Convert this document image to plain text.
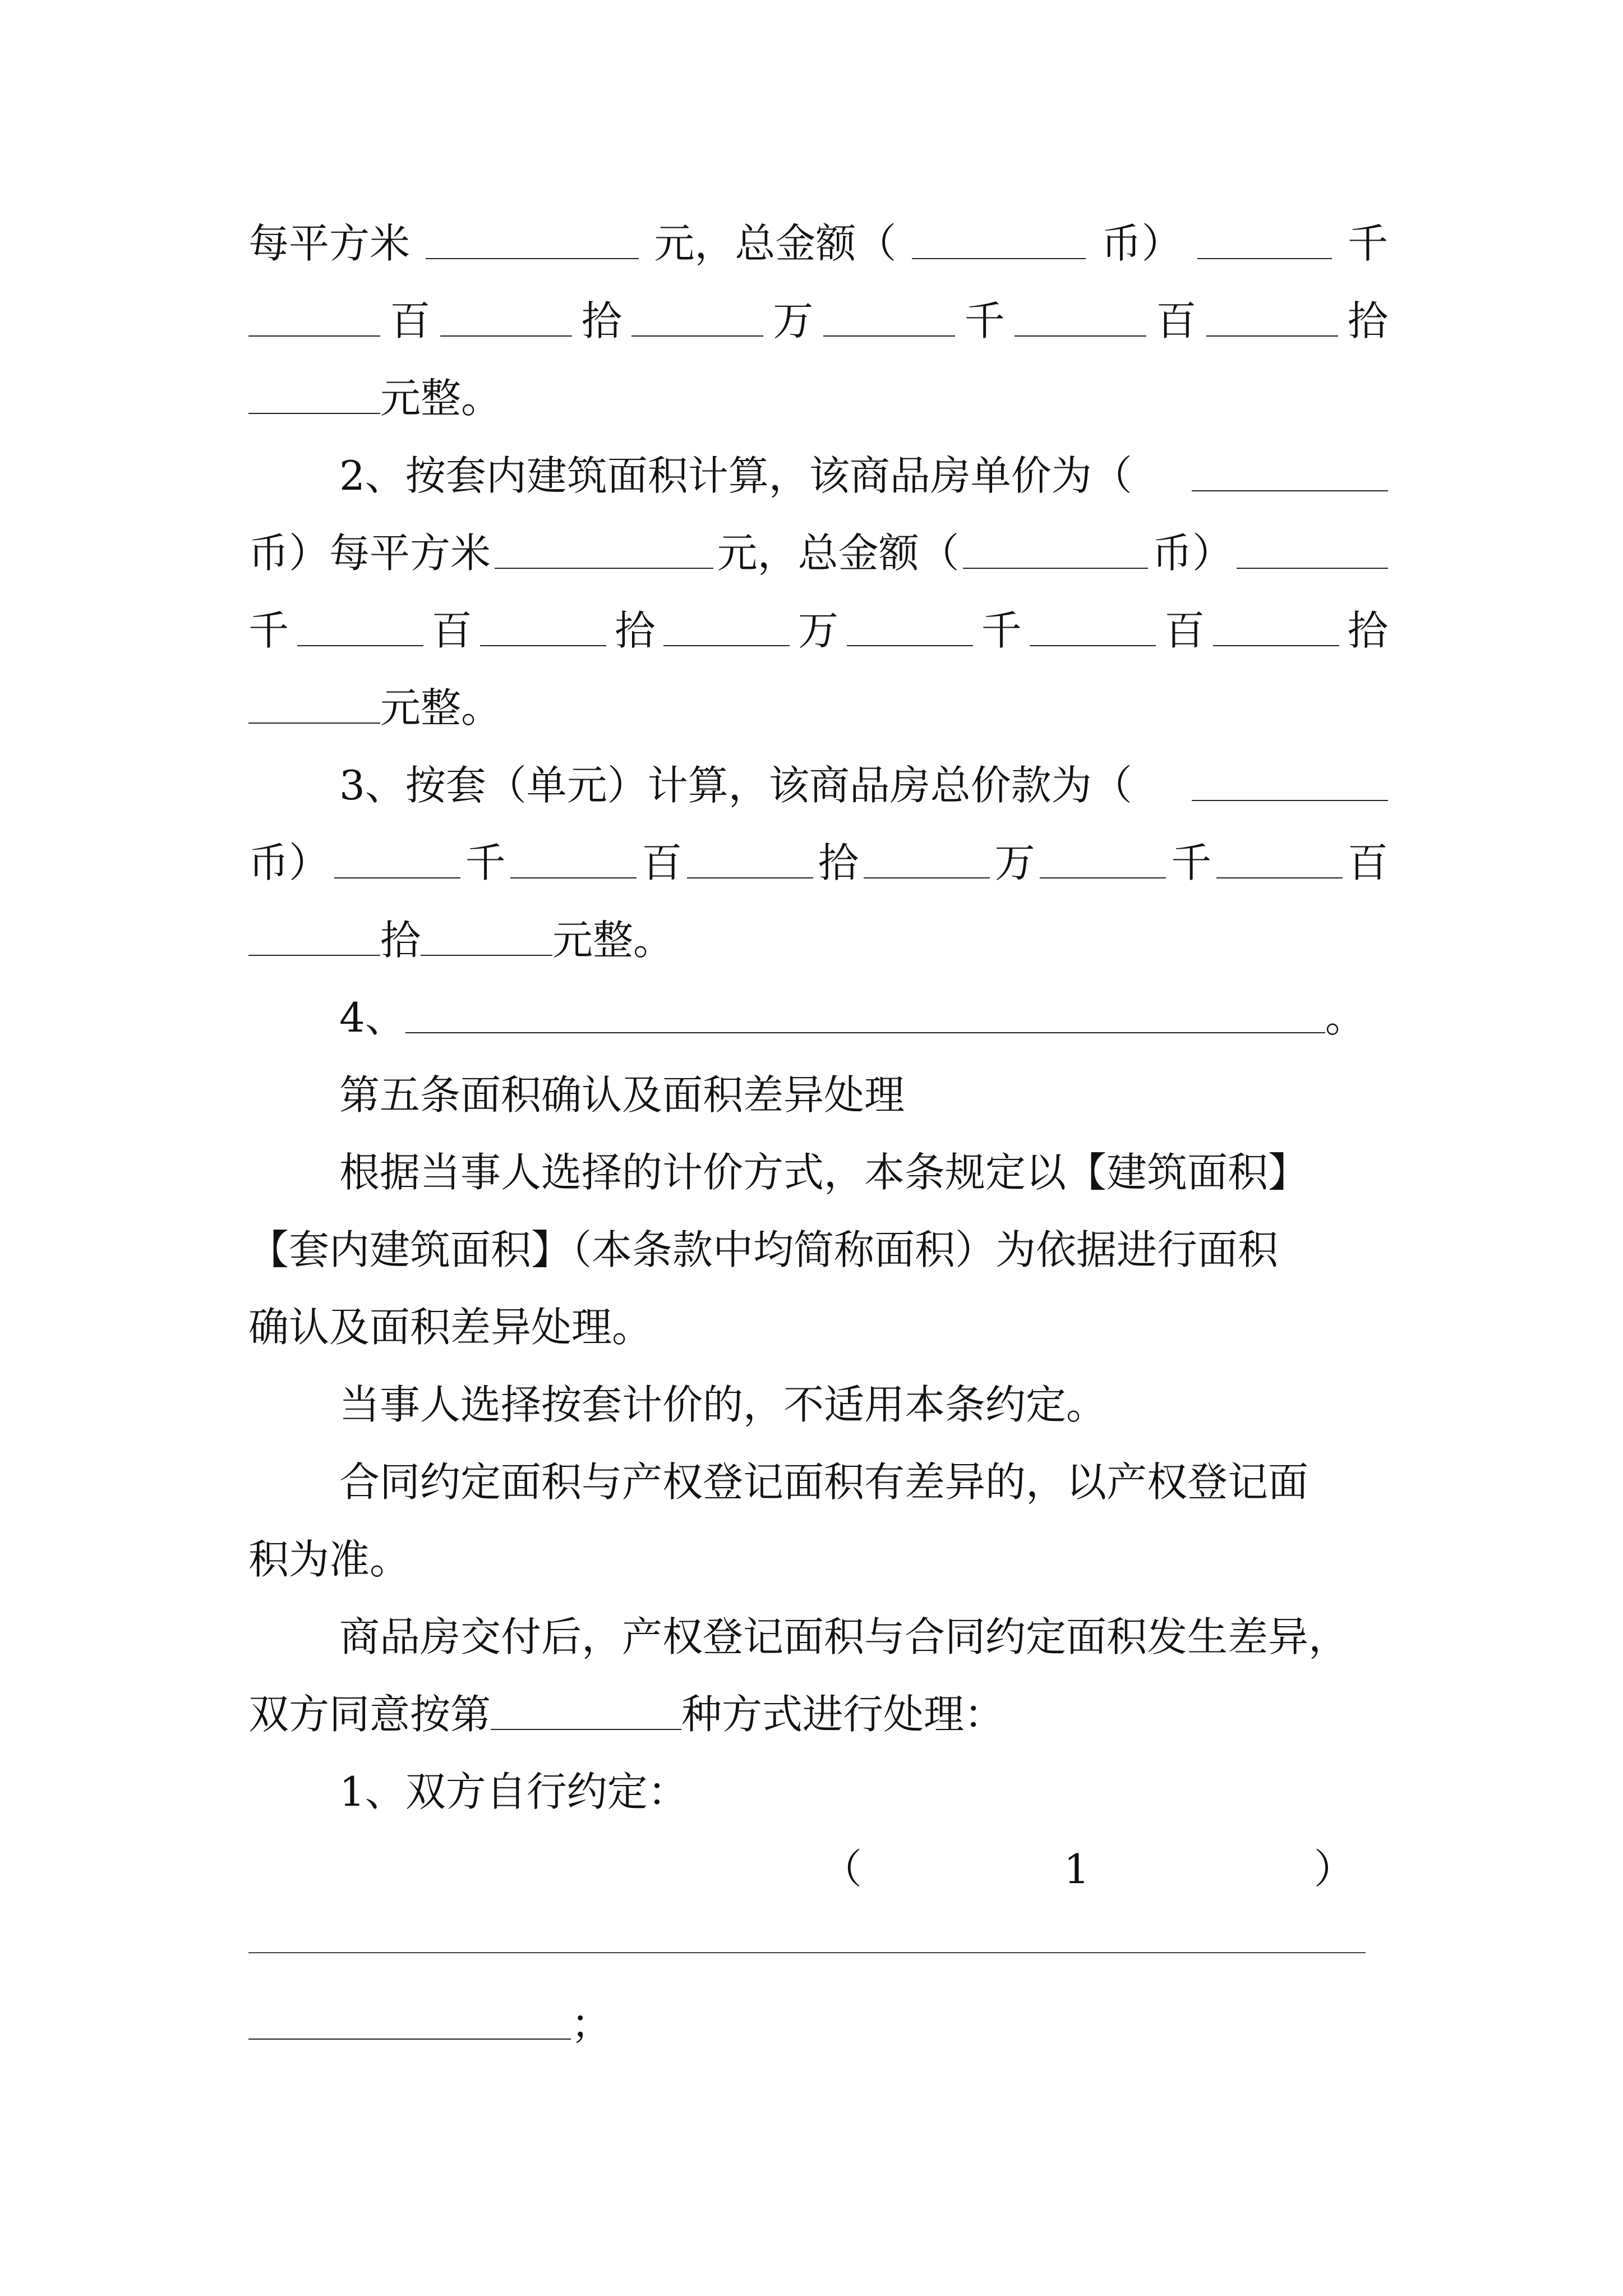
每平方米	元，总金额（	币）	千
百	拾	万	千	百	拾
元整。
2、按套内建筑面积计算，该商品房单价为（
币）每平方米	元，总金额（	币）
千	百	拾	万	千	百	拾
元整。
3、按套（单元）计算，该商品房总价款为（
币）	千	百	拾	万	千	百
拾	元整。
4、	。
第五条面积确认及面积差异处理
根据当事人选择的计价方式，本条规定以【建筑面积】
【套内建筑面积】（本条款中均简称面积）为依据进行面积
确认及面积差异处理。
当事人选择按套计价的，不适用本条约定。
合同约定面积与产权登记面积有差异的，以产权登记面
积为准。
商品房交付后，产权登记面积与合同约定面积发生差异，
双方同意按第	种方式进行处理：
1、双方自行约定：
（	1	）
；
